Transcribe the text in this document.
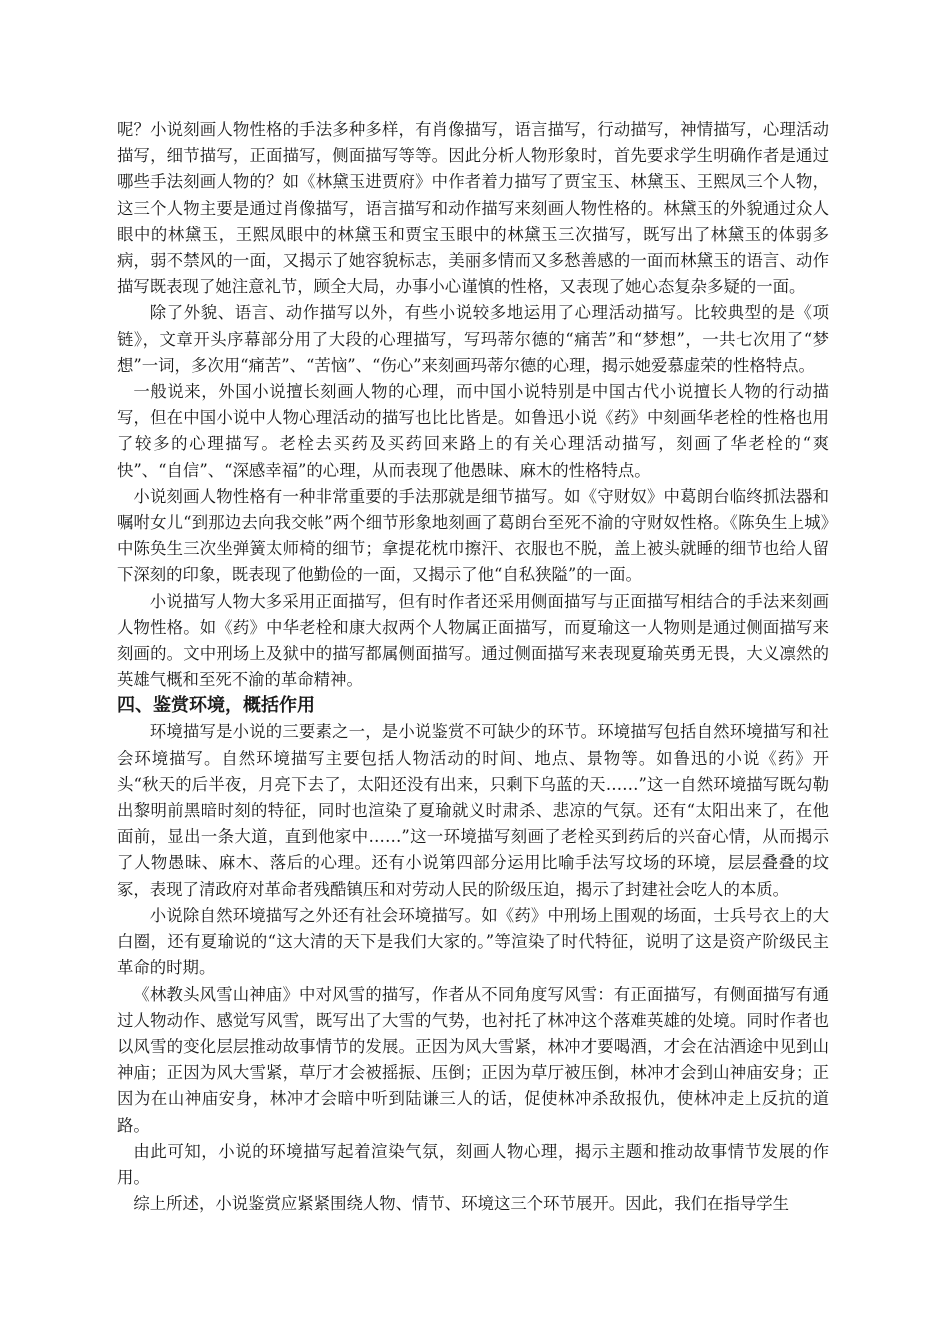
呢？小说刻画人物性格的手法多种多样，有肖像描写，语言描写，行动描写，神情描写，心理活动描写，细节描写，正面描写，侧面描写等等。因此分析人物形象时，首先要求学生明确作者是通过哪些手法刻画人物的？如《林黛玉进贾府》中作者着力描写了贾宝玉、林黛玉、王熙凤三个人物，这三个人物主要是通过肖像描写，语言描写和动作描写来刻画人物性格的。林黛玉的外貌通过众人眼中的林黛玉，王熙凤眼中的林黛玉和贾宝玉眼中的林黛玉三次描写，既写出了林黛玉的体弱多病，弱不禁风的一面，又揭示了她容貌标志，美丽多情而又多愁善感的一面而林黛玉的语言、动作描写既表现了她注意礼节，顾全大局，办事小心谨慎的性格，又表现了她心态复杂多疑的一面。

除了外貌、语言、动作描写以外，有些小说较多地运用了心理活动描写。比较典型的是《项链》，文章开头序幕部分用了大段的心理描写，写玛蒂尔德的“痛苦”和“梦想”，一共七次用了“梦想”一词，多次用“痛苦”、“苦恼”、“伤心”来刻画玛蒂尔德的心理，揭示她爱慕虚荣的性格特点。

一般说来，外国小说擅长刻画人物的心理，而中国小说特别是中国古代小说擅长人物的行动描写，但在中国小说中人物心理活动的描写也比比皆是。如鲁迅小说《药》中刻画华老栓的性格也用了较多的心理描写。老栓去买药及买药回来路上的有关心理活动描写，刻画了华老栓的“爽快”、“自信”、“深感幸福”的心理，从而表现了他愚昧、麻木的性格特点。

小说刻画人物性格有一种非常重要的手法那就是细节描写。如《守财奴》中葛朗台临终抓法器和嘱咐女儿“到那边去向我交帐”两个细节形象地刻画了葛朗台至死不渝的守财奴性格。《陈奂生上城》中陈奂生三次坐弹簧太师椅的细节；拿提花枕巾擦汗、衣服也不脱，盖上被头就睡的细节也给人留下深刻的印象，既表现了他勤俭的一面，又揭示了他“自私狭隘”的一面。

小说描写人物大多采用正面描写，但有时作者还采用侧面描写与正面描写相结合的手法来刻画人物性格。如《药》中华老栓和康大叔两个人物属正面描写，而夏瑜这一人物则是通过侧面描写来刻画的。文中刑场上及狱中的描写都属侧面描写。通过侧面描写来表现夏瑜英勇无畏，大义凛然的英雄气概和至死不渝的革命精神。

四、鉴赏环境，概括作用

环境描写是小说的三要素之一，是小说鉴赏不可缺少的环节。环境描写包括自然环境描写和社会环境描写。自然环境描写主要包括人物活动的时间、地点、景物等。如鲁迅的小说《药》开头“秋天的后半夜，月亮下去了，太阳还没有出来，只剩下乌蓝的天……”这一自然环境描写既勾勒出黎明前黑暗时刻的特征，同时也渲染了夏瑜就义时肃杀、悲凉的气氛。还有“太阳出来了，在他面前，显出一条大道，直到他家中……”这一环境描写刻画了老栓买到药后的兴奋心情，从而揭示了人物愚昧、麻木、落后的心理。还有小说第四部分运用比喻手法写坟场的环境，层层叠叠的坟冢，表现了清政府对革命者残酷镇压和对劳动人民的阶级压迫，揭示了封建社会吃人的本质。

小说除自然环境描写之外还有社会环境描写。如《药》中刑场上围观的场面，士兵号衣上的大白圈，还有夏瑜说的“这大清的天下是我们大家的。”等渲染了时代特征，说明了这是资产阶级民主革命的时期。

《林教头风雪山神庙》中对风雪的描写，作者从不同角度写风雪：有正面描写，有侧面描写有通过人物动作、感觉写风雪，既写出了大雪的气势，也衬托了林冲这个落难英雄的处境。同时作者也以风雪的变化层层推动故事情节的发展。正因为风大雪紧，林冲才要喝酒，才会在沽酒途中见到山神庙；正因为风大雪紧，草厅才会被摇振、压倒；正因为草厅被压倒，林冲才会到山神庙安身；正因为在山神庙安身，林冲才会暗中听到陆谦三人的话，促使林冲杀敌报仇，使林冲走上反抗的道路。

由此可知，小说的环境描写起着渲染气氛，刻画人物心理，揭示主题和推动故事情节发展的作用。

综上所述，小说鉴赏应紧紧围绕人物、情节、环境这三个环节展开。因此，我们在指导学生
